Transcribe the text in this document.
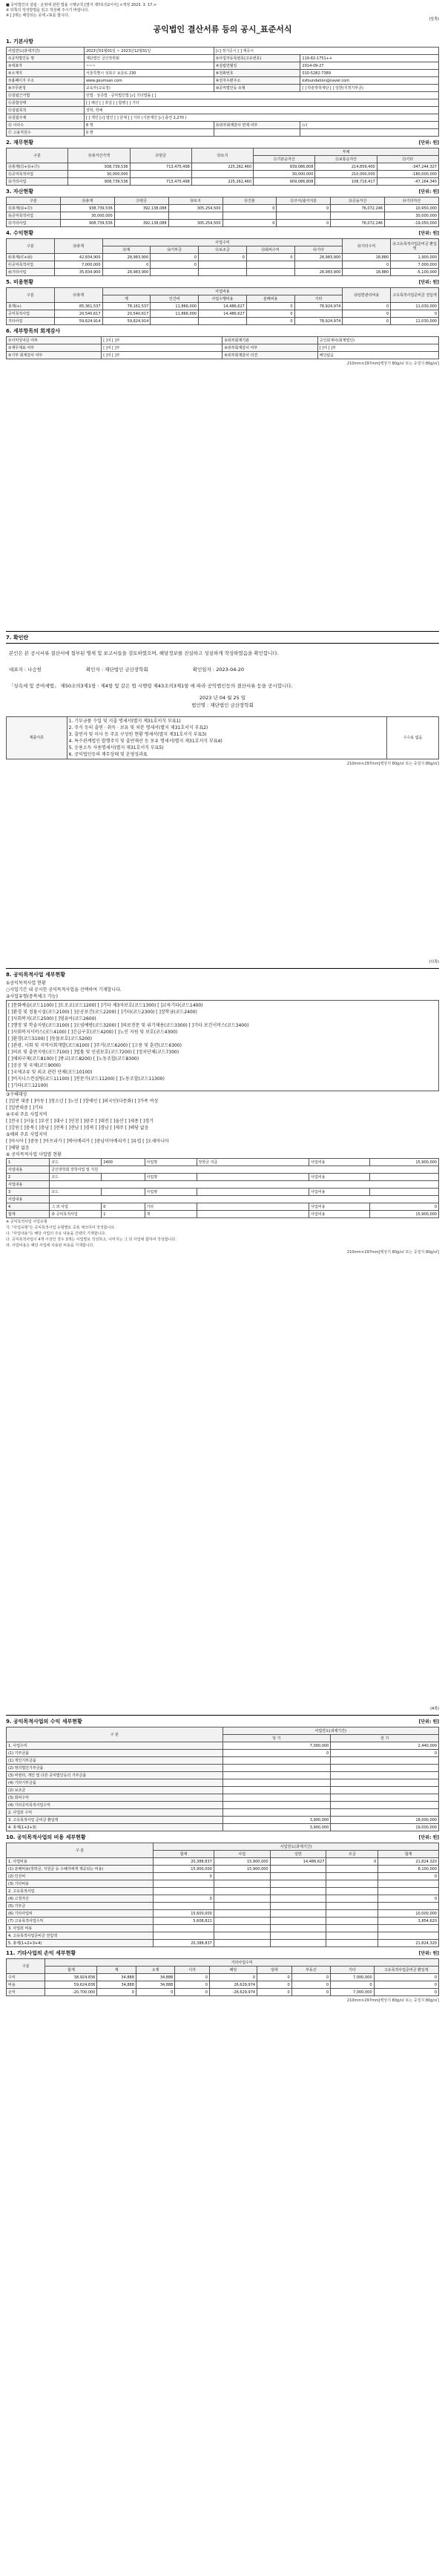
■ 공익법인의 설립ㆍ운영에 관한 법률 시행규칙 [별지 제7호의2서식] <개정 2023. 3. 17.>
※ 뒤쪽의 작성방법을 읽고 작성해 주시기 바랍니다.
※ [ ]에는 해당되는 곳에 √표를 합니다.
(앞쪽)
공익법인 결산서류 등의 공시_표준서식
1. 기본사항
사업연도(과세기간)	2023년01월01일 ~ 2023년12월31일	[√] 정기공시 [ ] 재공시	
①공익법인등 명	재단법인 금산장학회	②사업자등록번호(고유번호)	119-82-1751++
③대표자	~~~	④설립연월일	2014-09-27
⑤소재지	서울특별시 성북구 보문로 230	⑥전화번호	010-5282-7389
⑦홈페이지 주소	www.geumsan.com	⑧전자우편주소	ksfoundation@naver.com
⑨주무관청	교육부(교육청)	⑩공익법인등 유형	[ ] 학술장학재단 [ ] 일반(지정기부금)
⑪설립근거법	민법 · 상증법 · 공익법인법 [√] 기타법률 [ ]		
⑫종합상태	[ ] 해산 [ ] 휴업 [ ] 합병 [ ] 기타		
⑬설립목적	장학, 학예		
⑭설립주체	[ ] 개인 [√] 법인 [ ] 단체 [ ] 기타 (기본재산 [√] 출연 2,270 )		
⑮ 이사수	8 명	⑯외부회계감사 면제 여부	(√)
⑰ 고용직원수	0 명		
2. 재무현황	[단위: 원]
구분	⑱총자산가액	⑲현금	⑳토지	부채		
				㉑기본순자산	㉒보통순자산	㉓기타
㉔총계(㉕+㉖+㉗)	938,739,536	713,475,498	225,262,460	939,086,808	214,859,400	-347,244,327
㉕공익목적사업	30,000,000			30,000,000	210,000,000	-180,000,000
㉖기타사업	908,739,536	713,475,498	225,262,460	909,086,808	108,716,417	-47,164,345
3. 자산현황	[단위: 원]
구분	㉘총계	㉙현금	㉚토지	㉛건물	㉜주식/출자지분	㉝금융자산	㉞기타자산
㉟총계(㊱+㊲)	938,739,536	392,138,088	305,254,500	0	0	76,072,246	10,950,000
㊱공익목적사업	30,000,000						30,000,000
㊲기타사업	908,739,536	392,138,088	305,254,500	0	0	76,072,246	-19,050,000
4. 수익현황	[단위: 원]
구분	㊳총계	사업수익					㊺기타수익	㊶고유목적사업준비금 환입액
		㊴계	㊵기부금	㊷보조금	㊸회비수익	㊹기타		
㊻총계(㊼+㊽)	42,834,900	28,983,900	0	0	0	28,983,900	18,880	1,900,000
㊼공익목적사업	7,000,000	0	0				0	7,000,000
㊽기타사업	35,834,900	28,983,900				28,983,900	18,880	-5,100,000
5. 비용현황	[단위: 원]
구분	㊾총계	사업비용					㊿일반관리비용	고유목적사업준비금 전입액
		계	인건비	사업수행비용	분배비용	기타		
총계(+)	85,361,537	78,161,537	11,866,000	14,486,627	0	78,924,974	0	11,030,000
공익목적사업	20,540,617	20,540,617	11,866,000	14,486,627	0		0	0
기타사업	59,624,914	59,624,914			0	78,924,974	0	11,030,000
6. 세부항목의 회계감사
①이익잉여금 여부	[ ]여 [ ]부	②외부회계기관	공인회계사(회계법인)
③재무제표 여부	[ ]여 [ ]부	④외부회계감사 여부	[ ]여 [ ]부
⑤기부 회계감사 여부	[ ]여 [ ]부	⑥외부회계감사 의견	해당없음
210mm×297mm[백상지 80g/㎡ 또는 중질지 80g/㎡]
7. 확인란
본인은 본 공시서류 결산서에 첨부된 명세 및 보고서들을 검토하였으며, 해당정보를 진실하고 성실하게 작성하였음을 확인합니다.
대표자 : 나승헌	확인자 : 재단법인 금산장학회	확인일자 : 2023-04-20
「상속세 및 증여세법」 제50조의3제1항ㆍ제4항 및 같은 법 시행령 제43조의3제1항 에 따라 공익법인등의 결산서류 등을 공시합니다.
2023 년 04 월 25 일
법인명 : 재단법인 금산장학회
제출서류	
1. 기부금품 수입 및 지출 명세서(별지 제31호서식 부표1)
2. 주식 등의 출연 · 취득 · 보유 및 처분 명세서(별지 제31호서식 부표2)
3. 출연자 및 이사 등 주요 구성원 현황 명세서(별지 제31호서식 부표3)
4. 특수관계법인 발행주식 및 출연재산 등 보유 명세서(별지 제31호서식 부표4)
5. 운용소득 사용명세서(별지 제31호서식 부표5)
6. 공익법인등의 재무상태 및 운영성과표
	수수료 없음
210mm×297mm[백상지 80g/㎡ 또는 중질지 80g/㎡]
(뒤쪽)
8. 공익목적사업 세부현황
①공익목적사업 현황
○사업기간 내 공시한 공익목적사업을 선택하여 기재합니다.
②사업유형(중복체크 가능)
[ ]문화예술(코드1100) [ ]도로교(코드1200) [ ]기타 제3자보호(코드1300) [ ]교육기타(코드1400)
[ ]환경 및 정물시설(코드2100) [ ]공공보건(코드2200) [ ]기타(코드2300) [ ]장학금(코드2400)
[ ]사회복지(코드2500) [ ]영유아(코드2600)
[ ]행정 및 학술지원(코드3100) [ ]오염예방(코드3200) [ ]의료전문 및 위기채용(코드3300) [ ]기타 보건서비스(코드3400)
[ ]사회복지서비스(코드4100) [ ]긴급구호(코드4200) [ ]노인 지원 및 보호(코드4300)
[ ]환경(코드5100) [ ]동물보호(코드5200)
[ ]관광, 사회 및 지역사회개발(코드6100) [ ]주거(코드6200) [ ]고용 및 훈련(코드6300)
[ ]의료 및 출판지원(코드7100) [ ]법률 및 인권보호(코드7200) [ ]정치단체(코드7300)
[ ]해외구제(코드8100) [ ]종교(코드8200) [ ]노동조합(코드8300)
[ ]공공 및 국제(코드9000)
[ ]국제교류 및 외교 관련 단체(코드10100)
[ ]비지니스컨설팅(코드11100) [ ]전문가(코드11200) [ ]노동조합(코드11300)
[ ]기타(코드12100)
③수혜대상
[ ]일반 대중 [ ]아동 [ ]청소년 [ ]노인 [ ]장애인 [ ]외국인(다문화) [ ]가족 여성
[ ]일반대중 [ ]기타
④국내 주요 사업지역
[ ]전국 [ ]서울 [ ]부산 [ ]대구 [ ]인천 [ ]광주 [ ]대전 [ ]울산 [ ]세종 [ ]경기
[ ]강원 [ ]충북 [ ]충남 [ ]전북 [ ]전남 [ ]경북 [ ]경남 [ ]제주 [ ]해당 없음
⑤해외 주요 사업지역
[ ]아시아 [ ]중동 [ ]아프리카 [ ]북아메리카 [ ]중남미아메리카 [ ]유럽 [ ]오세아니아
[ ]해당 없음
⑥ 공익목적사업 사업별 현황
1	코드	2400	사업명	장학금 지급	사업비용	15,900,000
사업내용	금산장학회 장학사업 및 지원					
2	코드		사업명		사업비용	
사업내용						
3	코드		사업명		사업비용	
사업내용						
4	그 외 사업	0	기타		사업비용	0
합계	총 공익목적사업	1	개		사업비용	15,900,000
※ 공익목적사업 사업유형
가. "사업유형"은 공익목적사업 유형별로 중복 체크하여 작성합니다.
나. "사업내용"은 해당 사업의 주요 내용을 간략히 기재합니다.
다. 공익목적사업이 4개 이상인 경우 3개는 사업별로 작성하고, 나머지는 그 외 사업에 합하여 작성합니다.
라. 사업비용은 해당 사업에 사용된 비용을 기재합니다.
210mm×297mm[백상지 80g/㎡ 또는 중질지 80g/㎡]
(4쪽)
9. 공익목적사업의 수익 세부현황	[단위: 원]
구 분	사업연도(과세기간)	
	당 기	전 기
1. 사업수익	7,000,000	2,440,000
(1) 기부금품	0	0
(1) 개인기부금품		
(2) 영리법인기부금품		
(3) 비영리, 개인 및 다른 공익법인등의 기부금품		
(4) 기타기부금품		
(2) 보조금		
(3) 회비수익		
(4) 기타공익목적사업수익		
2. 사업외 수익		
3. 고유목적사업 준비금 환입액	3,900,000	18,000,000
4. 총계(1+2+3)	3,900,000	19,000,000
10. 공익목적사업의 비용 세부현황	[단위: 원]
구 분	사업연도(과세기간)				
	합계	사업	일반	모금	합계
1. 사업비용	20,388,837	15,900,000	14,486,627	0	21,824,320
(1) 분배비용(장학금, 지원금 등 수혜자에게 제공되는 비용)	15,900,000	15,900,000			8,100,000
(2) 인건비	0				0
(3) 기타비용					
2. 고유목적사업					
(4) 고정자산	0				0
(5) 기부금					
(6) 기타사업비	15,600,000				10,000,000
(7) 고유목적사업수익	5,608,821				3,854,620
3. 사업외 비용					
4. 고유목적사업준비금 전입액					
5. 총계(1+2+3+4)	20,388,837				21,824,320
11. 기타사업의 손익 세부현황	[단위: 원]
구분	기타사업수익								
	합계	계	소계	이자	배당	임대	부동산	기타	고유목적사업준비금 환입액
수익	38,924,836	34,888	34,888	0	0	0	0	7,000,000	0
비용	59,624,836	34,888	34,888	0	26,629,974	0	0	0	0
손익	-20,700,000	0	0	0	-26,629,974	0	0	7,000,000	0
210mm×297mm[백상지 80g/㎡ 또는 중질지 80g/㎡]
